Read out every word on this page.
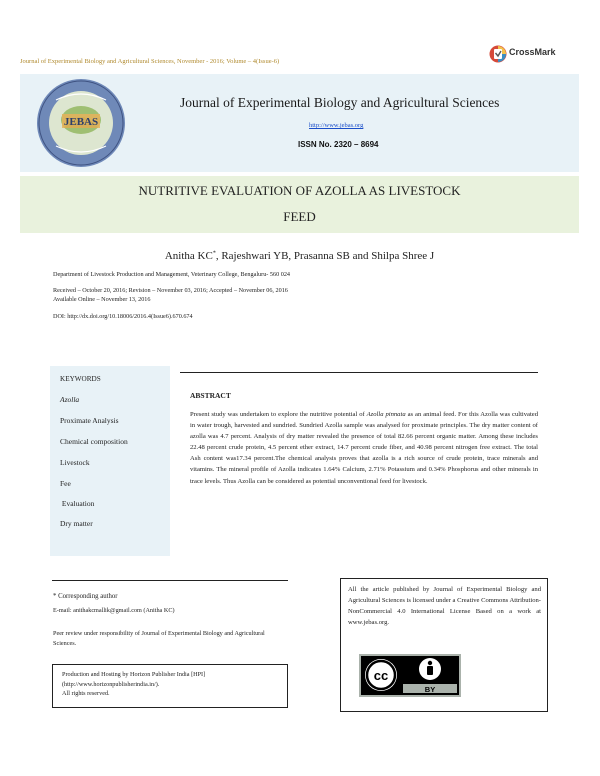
Journal of Experimental Biology and Agricultural Sciences, November - 2016; Volume – 4(Issue-6)
CrossMark
JEBAS
Journal of Experimental Biology and Agricultural Sciences
http://www.jebas.org
ISSN No. 2320 – 8694
NUTRITIVE EVALUATION OF AZOLLA AS LIVESTOCK
FEED
Anitha KC*, Rajeshwari YB, Prasanna SB and Shilpa Shree J
Department of Livestock Production and Management, Veterinary College, Bengaluru- 560 024
Received – October 20, 2016; Revision – November 03, 2016; Accepted – November 06, 2016
Available Online – November 13, 2016
DOI: http://dx.doi.org/10.18006/2016.4(Issue6).670.674
KEYWORDS
Azolla
Proximate Analysis
Chemical composition
Livestock
Fee
Evaluation
Dry matter
ABSTRACT
Present study was undertaken to explore the nutritive potential of Azolla pinnata as an animal feed. For this Azolla was cultivated in water trough, harvested and sundried. Sundried Azolla sample was analysed for proximate principles. The dry matter content of azolla was 4.7 percent. Analysis of dry matter revealed the presence of total 82.66 percent organic matter. Among these includes 22.48 percent crude protein, 4.5 percent ether extract, 14.7 percent crude fiber, and 40.98 percent nitrogen free extract. The total Ash content was17.34 percent.The chemical analysis proves that azolla is a rich source of crude protein, trace minerals and vitamins. The mineral profile of Azolla indicates 1.64% Calcium, 2.71% Potassium and 0.34% Phosphorus and other minerals in trace levels. Thus Azolla can be considered as potential unconventional feed for livestock.
* Corresponding author
E-mail: anithakcmallik@gmail.com (Anitha KC)
Peer review under responsibility of Journal of Experimental Biology and Agricultural Sciences.
Production and Hosting by Horizon Publisher India [HPI]
(http://www.horizonpublisherindia.in/).
All rights reserved.
All the article published by Journal of Experimental Biology and Agricultural Sciences is licensed under a Creative Commons Attribution-NonCommercial 4.0 International License Based on a work at www.jebas.org.
cc
BY
